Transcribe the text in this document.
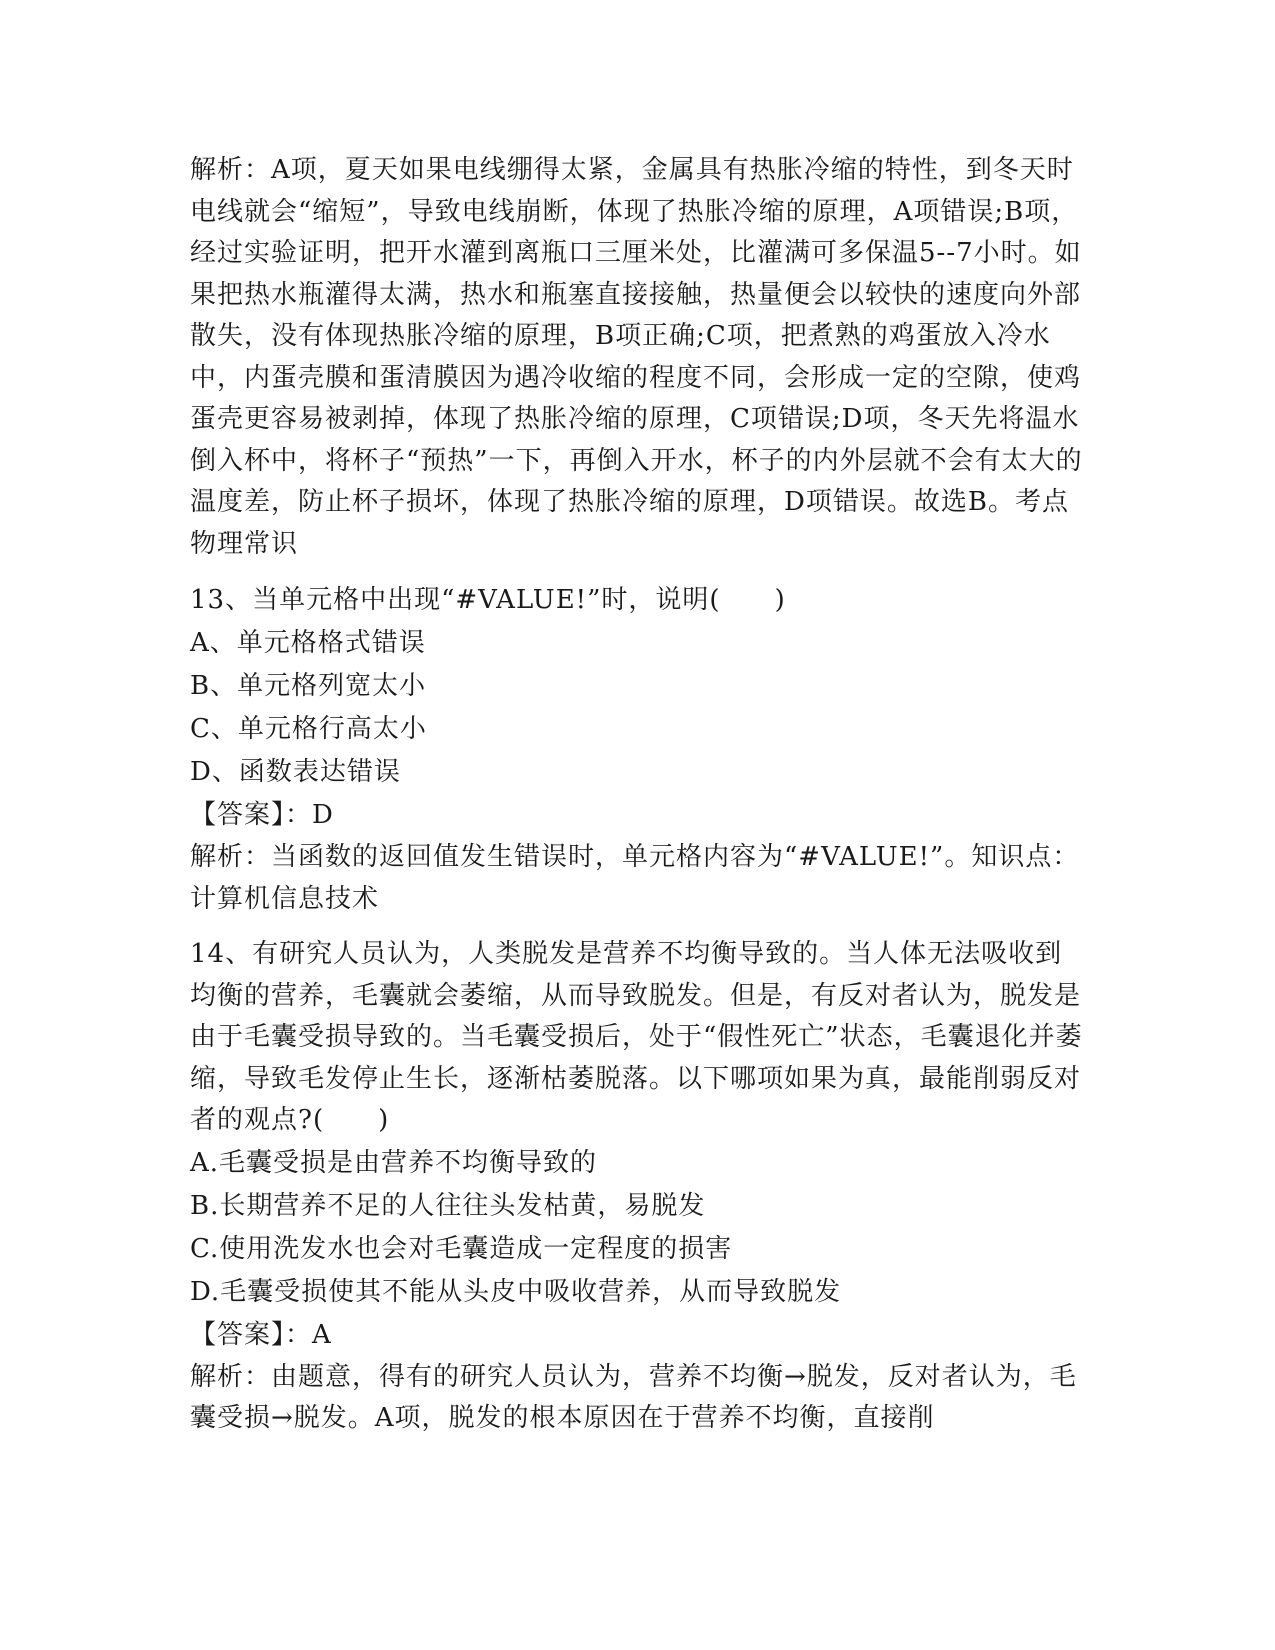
解析：A项，夏天如果电线绷得太紧，金属具有热胀冷缩的特性，到冬天时电线就会“缩短”，导致电线崩断，体现了热胀冷缩的原理，A项错误;B项，经过实验证明，把开水灌到离瓶口三厘米处，比灌满可多保温5--7小时。如果把热水瓶灌得太满，热水和瓶塞直接接触，热量便会以较快的速度向外部散失，没有体现热胀冷缩的原理，B项正确;C项，把煮熟的鸡蛋放入冷水中，内蛋壳膜和蛋清膜因为遇冷收缩的程度不同，会形成一定的空隙，使鸡蛋壳更容易被剥掉，体现了热胀冷缩的原理，C项错误;D项，冬天先将温水倒入杯中，将杯子“预热”一下，再倒入开水，杯子的内外层就不会有太大的温度差，防止杯子损坏，体现了热胀冷缩的原理，D项错误。故选B。考点物理常识
13、当单元格中出现“#VALUE!”时，说明(　　)
A、单元格格式错误
B、单元格列宽太小
C、单元格行高太小
D、函数表达错误
【答案】：D
解析：当函数的返回值发生错误时，单元格内容为“#VALUE!”。知识点：计算机信息技术
14、有研究人员认为，人类脱发是营养不均衡导致的。当人体无法吸收到均衡的营养，毛囊就会萎缩，从而导致脱发。但是，有反对者认为，脱发是由于毛囊受损导致的。当毛囊受损后，处于“假性死亡”状态，毛囊退化并萎缩，导致毛发停止生长，逐渐枯萎脱落。以下哪项如果为真，最能削弱反对者的观点?(　　)
A.毛囊受损是由营养不均衡导致的
B.长期营养不足的人往往头发枯黄，易脱发
C.使用洗发水也会对毛囊造成一定程度的损害
D.毛囊受损使其不能从头皮中吸收营养，从而导致脱发
【答案】：A
解析：由题意，得有的研究人员认为，营养不均衡→脱发，反对者认为，毛囊受损→脱发。A项，脱发的根本原因在于营养不均衡，直接削
